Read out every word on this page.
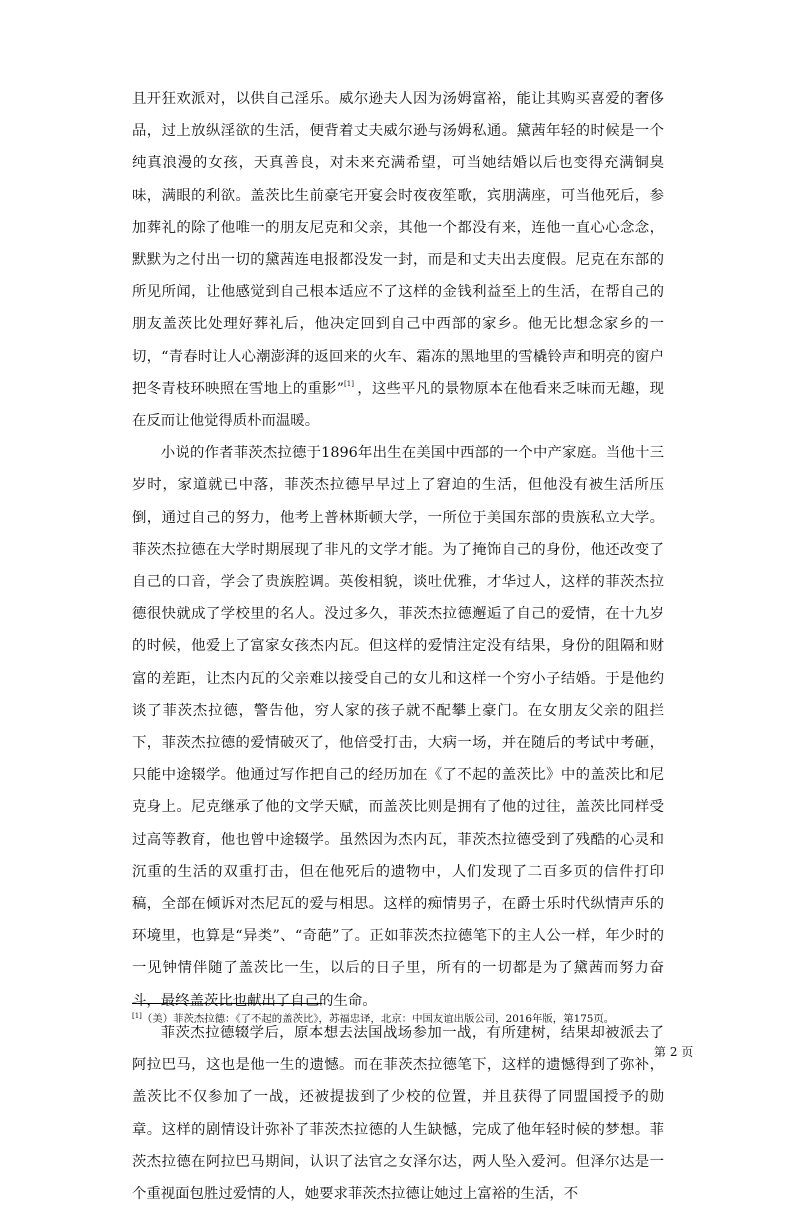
且开狂欢派对，以供自己淫乐。威尔逊夫人因为汤姆富裕，能让其购买喜爱的奢侈品，过上放纵淫欲的生活，便背着丈夫威尔逊与汤姆私通。黛茜年轻的时候是一个纯真浪漫的女孩，天真善良，对未来充满希望，可当她结婚以后也变得充满铜臭味，满眼的利欲。盖茨比生前豪宅开宴会时夜夜笙歌，宾朋满座，可当他死后，参加葬礼的除了他唯一的朋友尼克和父亲，其他一个都没有来，连他一直心心念念，默默为之付出一切的黛茜连电报都没发一封，而是和丈夫出去度假。尼克在东部的所见所闻，让他感觉到自己根本适应不了这样的金钱利益至上的生活，在帮自己的朋友盖茨比处理好葬礼后，他决定回到自己中西部的家乡。他无比想念家乡的一切，“青春时让人心潮澎湃的返回来的火车、霜冻的黑地里的雪橇铃声和明亮的窗户把冬青枝环映照在雪地上的重影”[1] ，这些平凡的景物原本在他看来乏味而无趣，现在反而让他觉得质朴而温暖。

小说的作者菲茨杰拉德于1896年出生在美国中西部的一个中产家庭。当他十三岁时，家道就已中落，菲茨杰拉德早早过上了窘迫的生活，但他没有被生活所压倒，通过自己的努力，他考上普林斯顿大学，一所位于美国东部的贵族私立大学。菲茨杰拉德在大学时期展现了非凡的文学才能。为了掩饰自己的身份，他还改变了自己的口音，学会了贵族腔调。英俊相貌，谈吐优雅，才华过人，这样的菲茨杰拉德很快就成了学校里的名人。没过多久，菲茨杰拉德邂逅了自己的爱情，在十九岁的时候，他爱上了富家女孩杰内瓦。但这样的爱情注定没有结果，身份的阻隔和财富的差距，让杰内瓦的父亲难以接受自己的女儿和这样一个穷小子结婚。于是他约谈了菲茨杰拉德，警告他，穷人家的孩子就不配攀上豪门。在女朋友父亲的阻拦下，菲茨杰拉德的爱情破灭了，他倍受打击，大病一场，并在随后的考试中考砸，只能中途辍学。他通过写作把自己的经历加在《了不起的盖茨比》中的盖茨比和尼克身上。尼克继承了他的文学天赋，而盖茨比则是拥有了他的过往，盖茨比同样受过高等教育，他也曾中途辍学。虽然因为杰内瓦，菲茨杰拉德受到了残酷的心灵和沉重的生活的双重打击，但在他死后的遗物中，人们发现了二百多页的信件打印稿，全部在倾诉对杰尼瓦的爱与相思。这样的痴情男子，在爵士乐时代纵情声乐的环境里，也算是“异类”、“奇葩”了。正如菲茨杰拉德笔下的主人公一样，年少时的一见钟情伴随了盖茨比一生，以后的日子里，所有的一切都是为了黛茜而努力奋斗，最终盖茨比也献出了自己的生命。

菲茨杰拉德辍学后，原本想去法国战场参加一战，有所建树，结果却被派去了阿拉巴马，这也是他一生的遗憾。而在菲茨杰拉德笔下，这样的遗憾得到了弥补，盖茨比不仅参加了一战，还被提拔到了少校的位置，并且获得了同盟国授予的勋章。这样的剧情设计弥补了菲茨杰拉德的人生缺憾，完成了他年轻时候的梦想。菲茨杰拉德在阿拉巴马期间，认识了法官之女泽尔达，两人坠入爱河。但泽尔达是一个重视面包胜过爱情的人，她要求菲茨杰拉德让她过上富裕的生活，不

[1]（美）菲茨杰拉德：《了不起的盖茨比》，苏福忠译，北京：中国友谊出版公司，2016年版，第175页。
第 2 页
